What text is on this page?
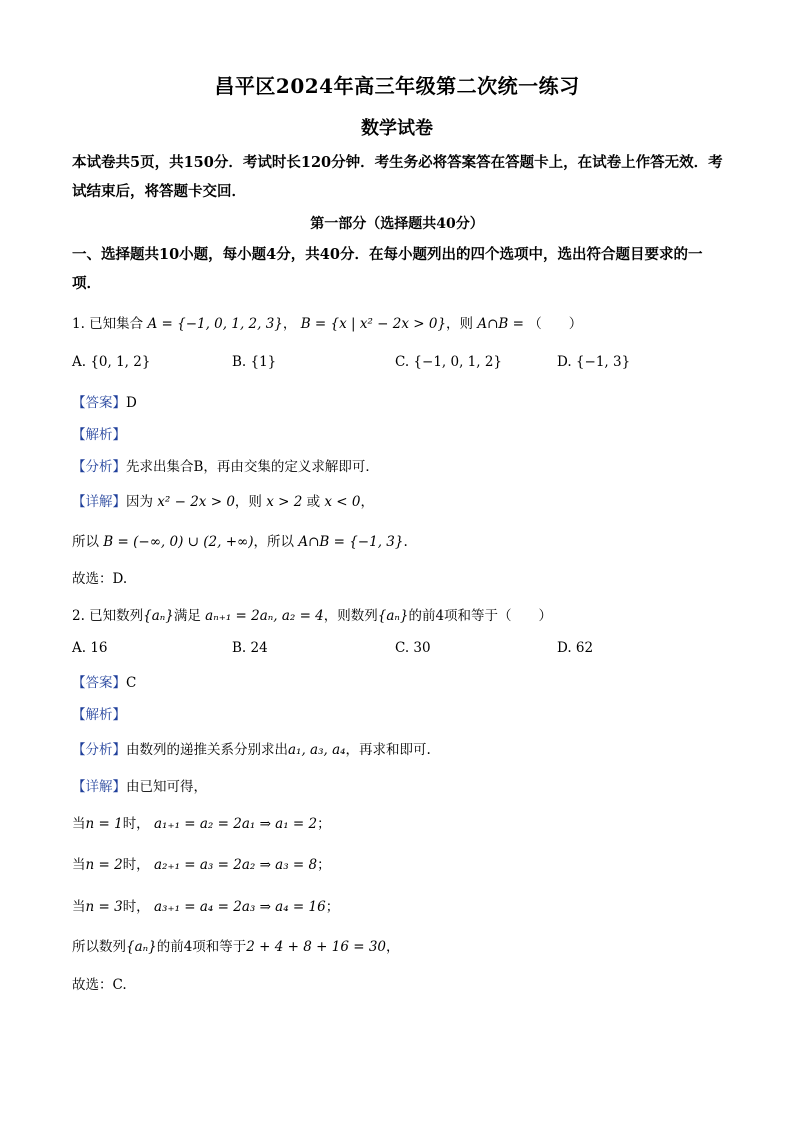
昌平区2024年高三年级第二次统一练习
数学试卷
本试卷共5页，共150分．考试时长120分钟．考生务必将答案答在答题卡上，在试卷上作答无效．考试结束后，将答题卡交回．
第一部分（选择题共40分）
一、选择题共10小题，每小题4分，共40分．在每小题列出的四个选项中，选出符合题目要求的一项．
1. 已知集合 A = {−1, 0, 1, 2, 3}， B = {x | x² − 2x > 0}，则 A∩B = （　　）
A. {0, 1, 2}	B. {1}	C. {−1, 0, 1, 2}	D. {−1, 3}
【答案】D
【解析】
【分析】先求出集合B，再由交集的定义求解即可．
【详解】因为 x² − 2x > 0，则 x > 2 或 x < 0，
所以 B = (−∞, 0) ∪ (2, +∞)，所以 A∩B = {−1, 3}.
故选：D.
2. 已知数列{aₙ}满足 aₙ₊₁ = 2aₙ, a₂ = 4，则数列{aₙ}的前4项和等于（　　）
A. 16	B. 24	C. 30	D. 62
【答案】C
【解析】
【分析】由数列的递推关系分别求出a₁, a₃, a₄，再求和即可.
【详解】由已知可得，
当n = 1时， a₁₊₁ = a₂ = 2a₁ ⇒ a₁ = 2；
当n = 2时， a₂₊₁ = a₃ = 2a₂ ⇒ a₃ = 8；
当n = 3时， a₃₊₁ = a₄ = 2a₃ ⇒ a₄ = 16；
所以数列{aₙ}的前4项和等于2 + 4 + 8 + 16 = 30，
故选：C.
